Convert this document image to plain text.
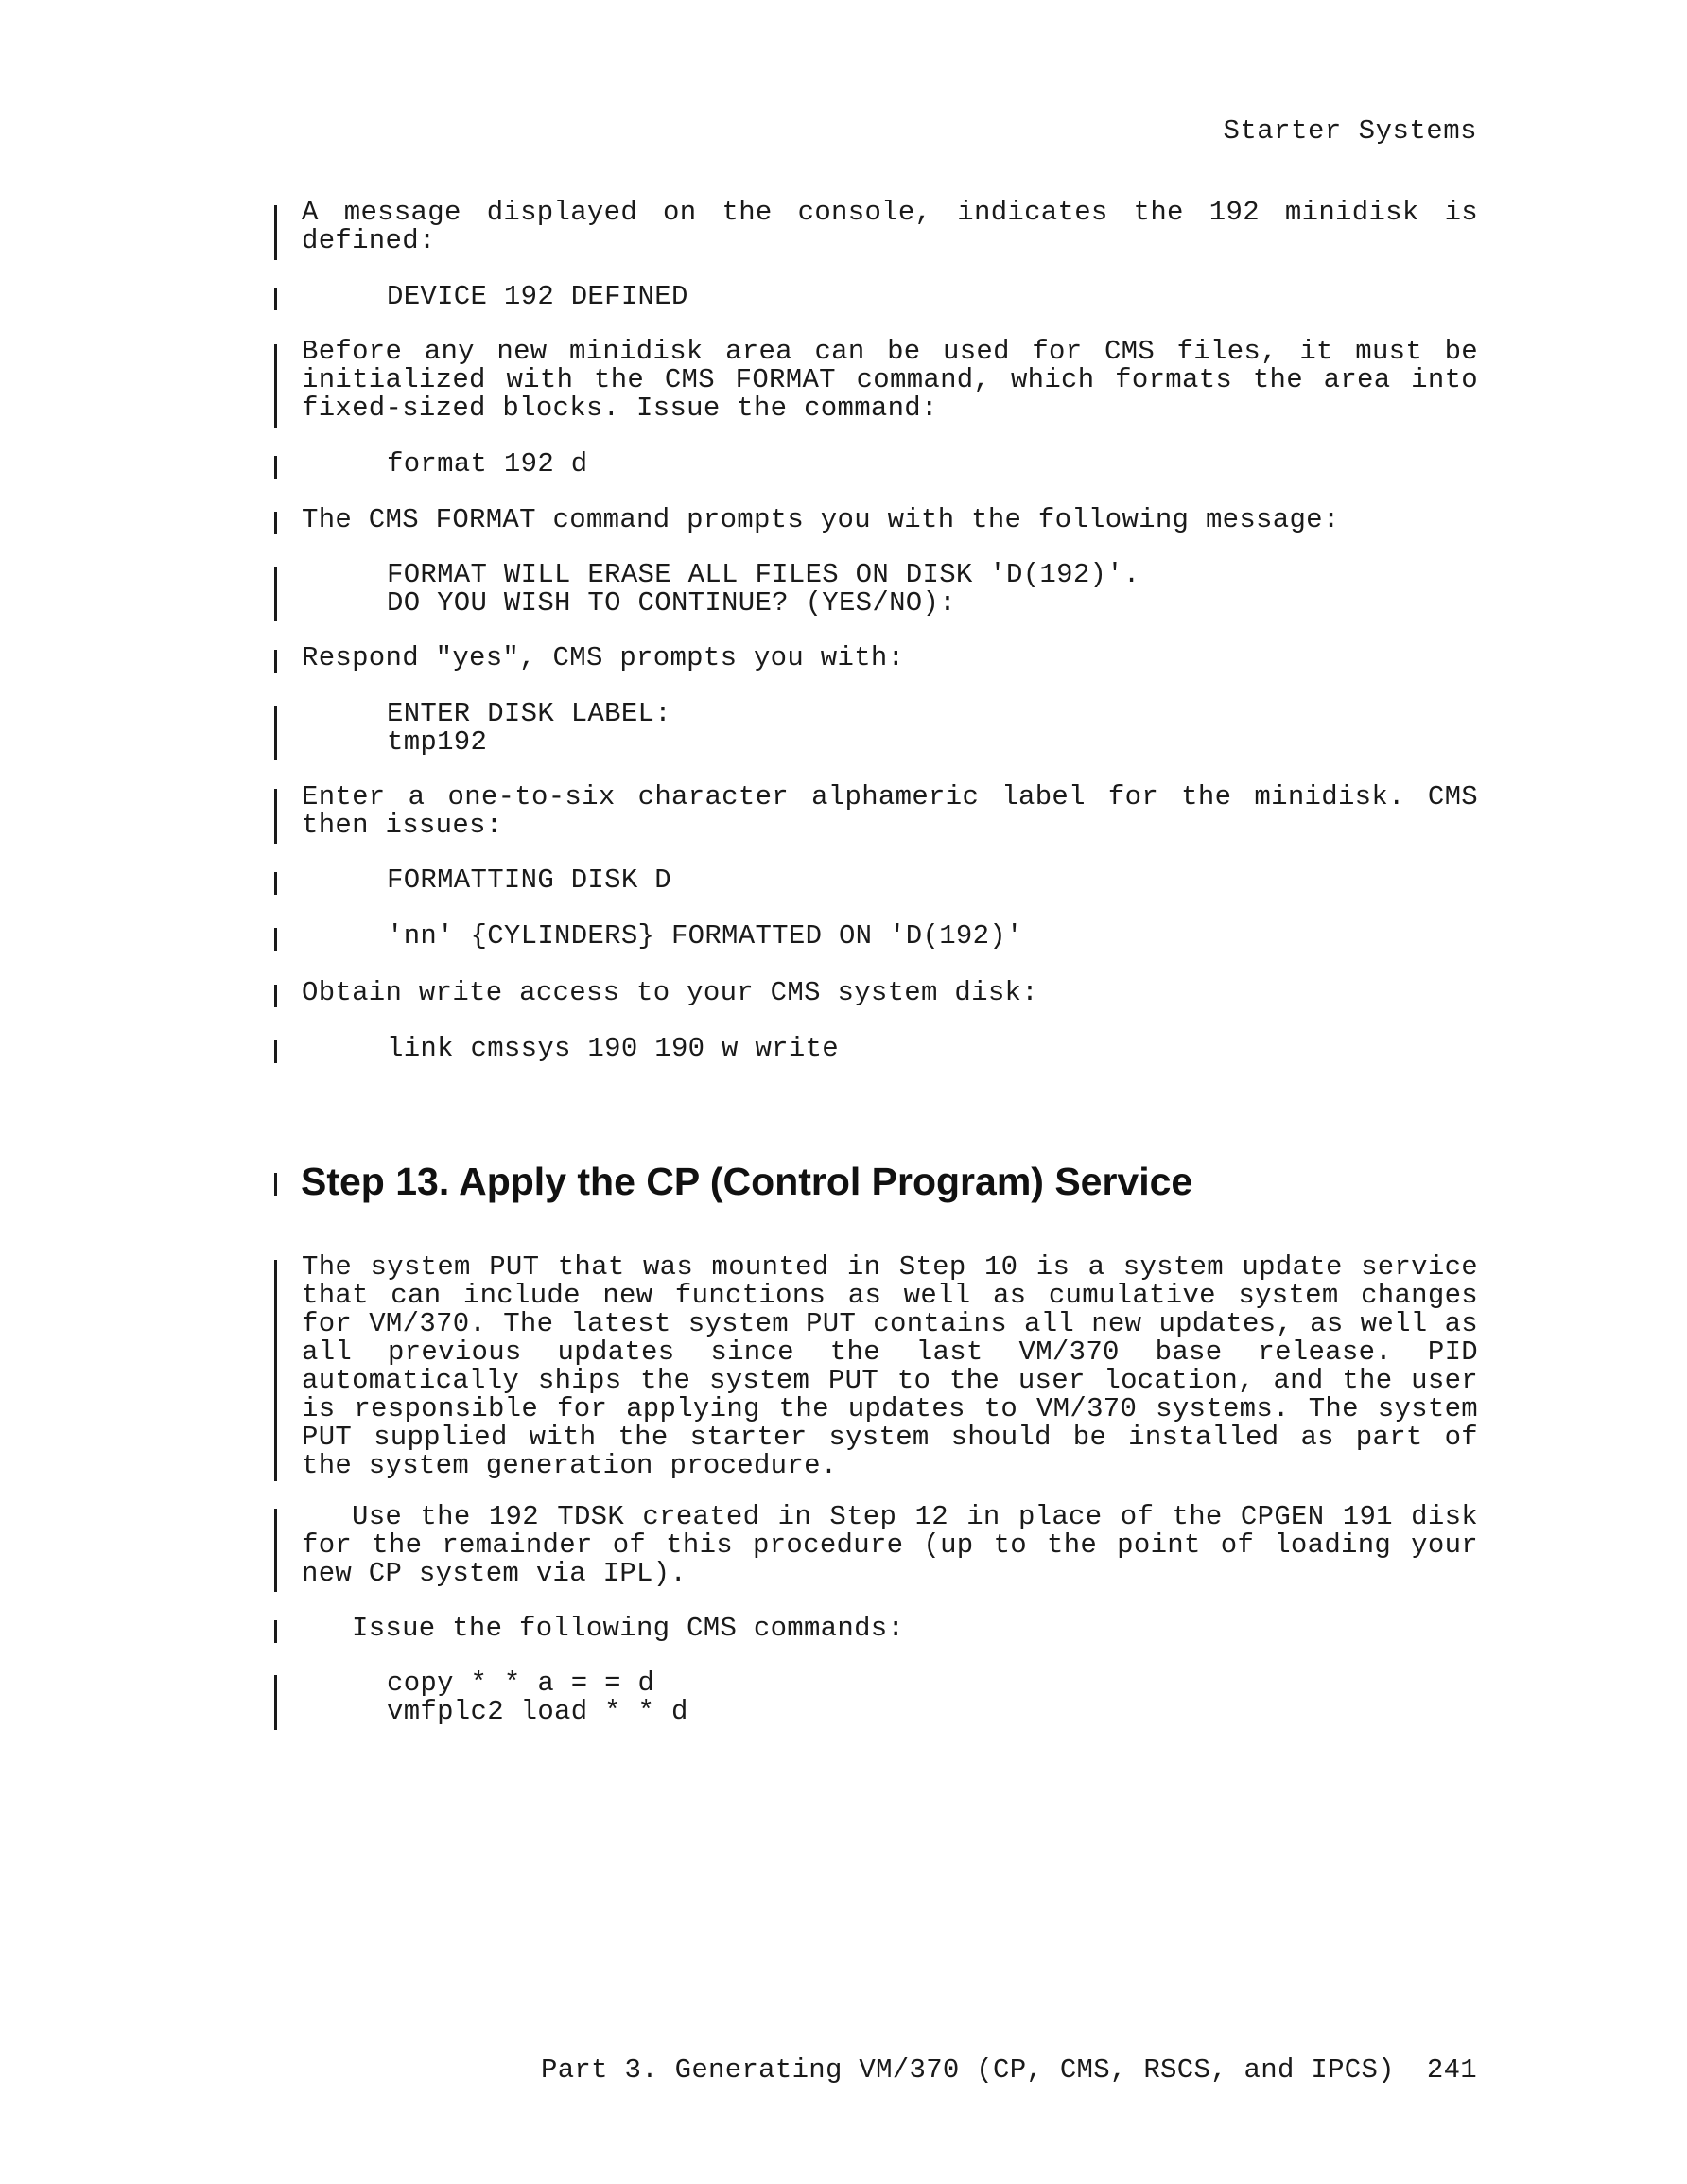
Starter Systems
A message displayed on the console, indicates the 192 minidisk is defined:
DEVICE 192 DEFINED
Before any new minidisk area can be used for CMS files, it must be initialized with the CMS FORMAT command, which formats the area into fixed-sized blocks. Issue the command:
format 192 d
The CMS FORMAT command prompts you with the following message:
FORMAT WILL ERASE ALL FILES ON DISK 'D(192)'.
DO YOU WISH TO CONTINUE? (YES/NO):
Respond "yes", CMS prompts you with:
ENTER DISK LABEL:
tmp192
Enter a one-to-six character alphameric label for the minidisk. CMS then issues:
FORMATTING DISK D
'nn' {CYLINDERS} FORMATTED ON 'D(192)'
Obtain write access to your CMS system disk:
link cmssys 190 190 w write
Step 13. Apply the CP (Control Program) Service
The system PUT that was mounted in Step 10 is a system update service that can include new functions as well as cumulative system changes for VM/370. The latest system PUT contains all new updates, as well as all previous updates since the last VM/370 base release. PID automatically ships the system PUT to the user location, and the user is responsible for applying the updates to VM/370 systems. The system PUT supplied with the starter system should be installed as part of the system generation procedure.
Use the 192 TDSK created in Step 12 in place of the CPGEN 191 disk for the remainder of this procedure (up to the point of loading your new CP system via IPL).
Issue the following CMS commands:
copy * * a = = d
vmfplc2 load * * d
Part 3. Generating VM/370 (CP, CMS, RSCS, and IPCS) 241
